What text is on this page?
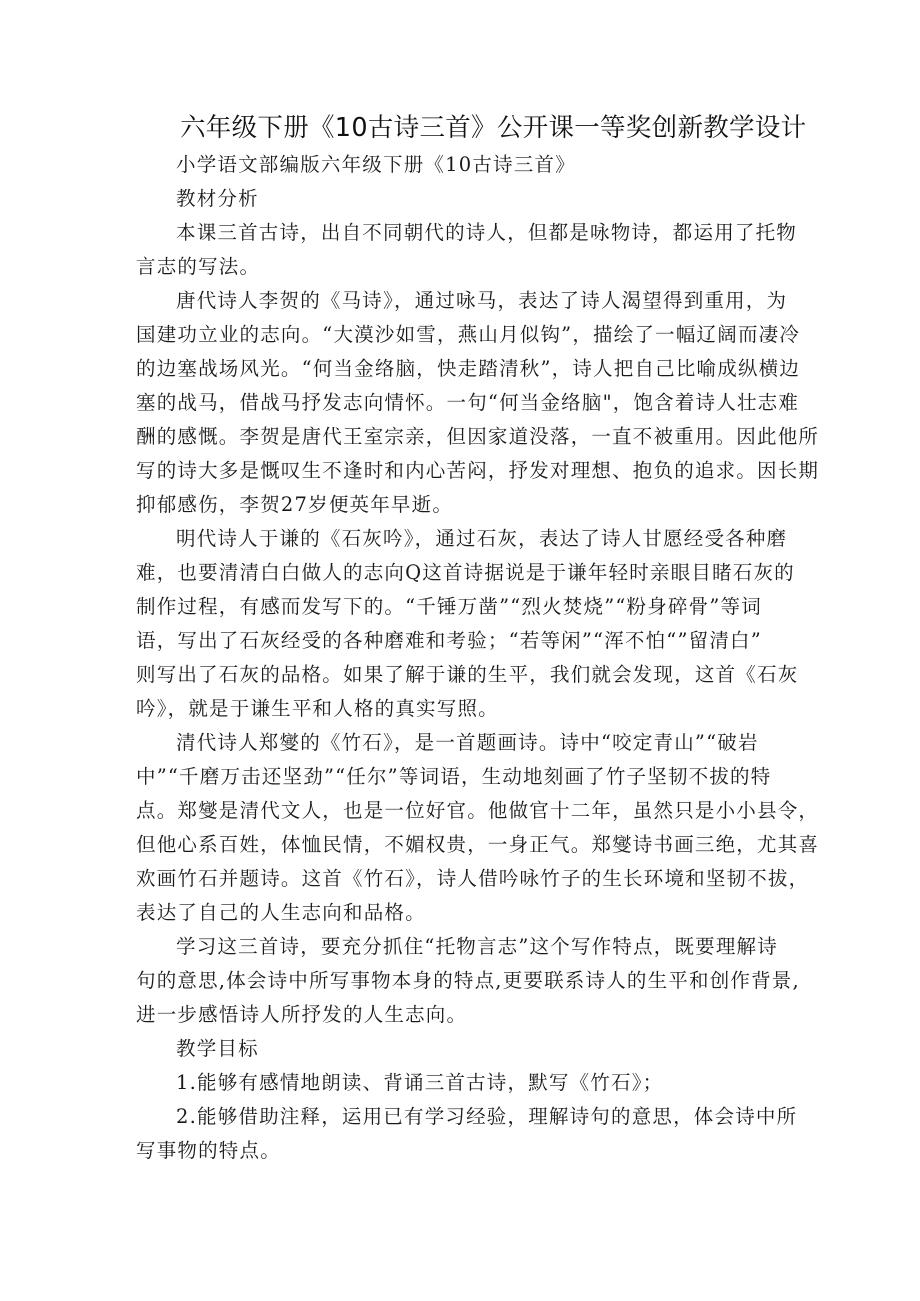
六年级下册《10古诗三首》公开课一等奖创新教学设计
小学语文部编版六年级下册《10古诗三首》
教材分析
本课三首古诗，出自不同朝代的诗人，但都是咏物诗，都运用了托物
言志的写法。
唐代诗人李贺的《马诗》，通过咏马，表达了诗人渴望得到重用，为
国建功立业的志向。“大漠沙如雪，燕山月似钩”，描绘了一幅辽阔而凄冷
的边塞战场风光。“何当金络脑，快走踏清秋”，诗人把自己比喻成纵横边
塞的战马，借战马抒发志向情怀。一句“何当金络脑"，饱含着诗人壮志难
酬的感慨。李贺是唐代王室宗亲，但因家道没落，一直不被重用。因此他所
写的诗大多是慨叹生不逢时和内心苦闷，抒发对理想、抱负的追求。因长期
抑郁感伤，李贺27岁便英年早逝。
明代诗人于谦的《石灰吟》，通过石灰，表达了诗人甘愿经受各种磨
难，也要清清白白做人的志向Q这首诗据说是于谦年轻时亲眼目睹石灰的
制作过程，有感而发写下的。“千锤万凿”“烈火焚烧”“粉身碎骨”等词
语，写出了石灰经受的各种磨难和考验；“若等闲”“浑不怕“”留清白”
则写出了石灰的品格。如果了解于谦的生平，我们就会发现，这首《石灰
吟》，就是于谦生平和人格的真实写照。
清代诗人郑燮的《竹石》，是一首题画诗。诗中“咬定青山”“破岩
中”“千磨万击还坚劲”“任尔”等词语，生动地刻画了竹子坚韧不拔的特
点。郑燮是清代文人，也是一位好官。他做官十二年，虽然只是小小县令，
但他心系百姓，体恤民情，不媚权贵，一身正气。郑燮诗书画三绝，尤其喜
欢画竹石并题诗。这首《竹石》，诗人借吟咏竹子的生长环境和坚韧不拔，
表达了自己的人生志向和品格。
学习这三首诗，要充分抓住“托物言志”这个写作特点，既要理解诗
句的意思,体会诗中所写事物本身的特点,更要联系诗人的生平和创作背景,
进一步感悟诗人所抒发的人生志向。
教学目标
1.能够有感情地朗读、背诵三首古诗，默写《竹石》；
2.能够借助注释，运用已有学习经验，理解诗句的意思，体会诗中所
写事物的特点。
